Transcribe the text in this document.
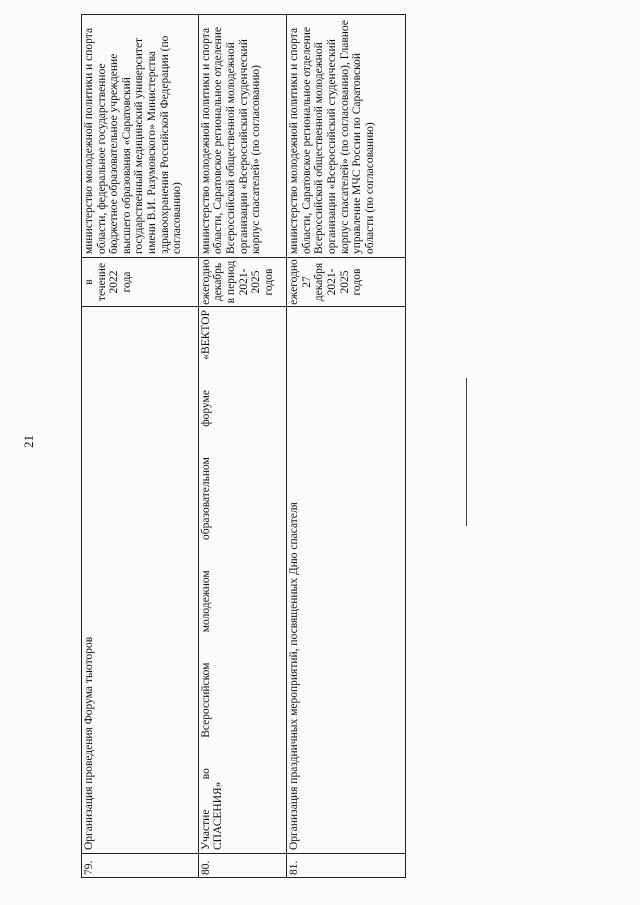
21
79.	Организация проведения Форума тьюторов	в течение 2022 года	министерство молодежной политики и спорта области, федеральное государственное бюджетное образовательное учреждение высшего образования «Саратовский государственный медицинский университет имени В.И. Разумовского» Министерства здравоохранения Российской Федерации (по согласованию)
80.	Участие во Всероссийском молодежном образовательном форуме «ВЕКТОР СПАСЕНИЯ»	ежегодно декабрь в период 2021-2025 годов	министерство молодежной политики и спорта области, Саратовское региональное отделение Всероссийской общественной молодежной организации «Всероссийский студенческий корпус спасателей» (по согласованию)
81.	Организация праздничных мероприятий, посвященных Дню спасателя	ежегодно 27 декабря 2021-2025 годов	министерство молодежной политики и спорта области, Саратовское региональное отделение Всероссийской общественной молодежной организации «Всероссийский студенческий корпус спасателей» (по согласованию), Главное управление МЧС России по Саратовской области (по согласованию)
